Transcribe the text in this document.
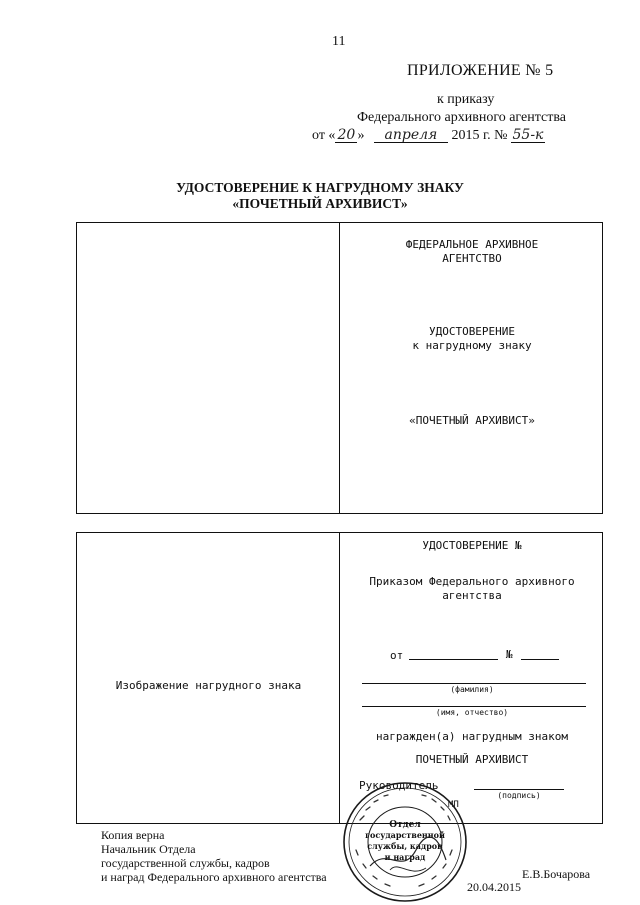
11
ПРИЛОЖЕНИЕ № 5
к приказу
Федерального архивного агентства
от « 20 » апреля 2015 г. № 55-к
УДОСТОВЕРЕНИЕ К НАГРУДНОМУ ЗНАКУ
«ПОЧЕТНЫЙ АРХИВИСТ»
ФЕДЕРАЛЬНОЕ АРХИВНОЕ
АГЕНТСТВО
УДОСТОВЕРЕНИЕ
к нагрудному знаку
«ПОЧЕТНЫЙ АРХИВИСТ»
Изображение нагрудного знака
УДОСТОВЕРЕНИЕ №
Приказом Федерального архивного
агентства
от	№
(фамилия)
(имя, отчество)
награжден(а) нагрудным знаком
ПОЧЕТНЫЙ АРХИВИСТ
Руководитель
(подпись)
МП
Отдел
государственной
службы, кадров
и наград
Копия верна
Начальник Отдела
государственной службы, кадров
и наград Федерального архивного агентства	Е.В.Бочарова
20.04.2015
